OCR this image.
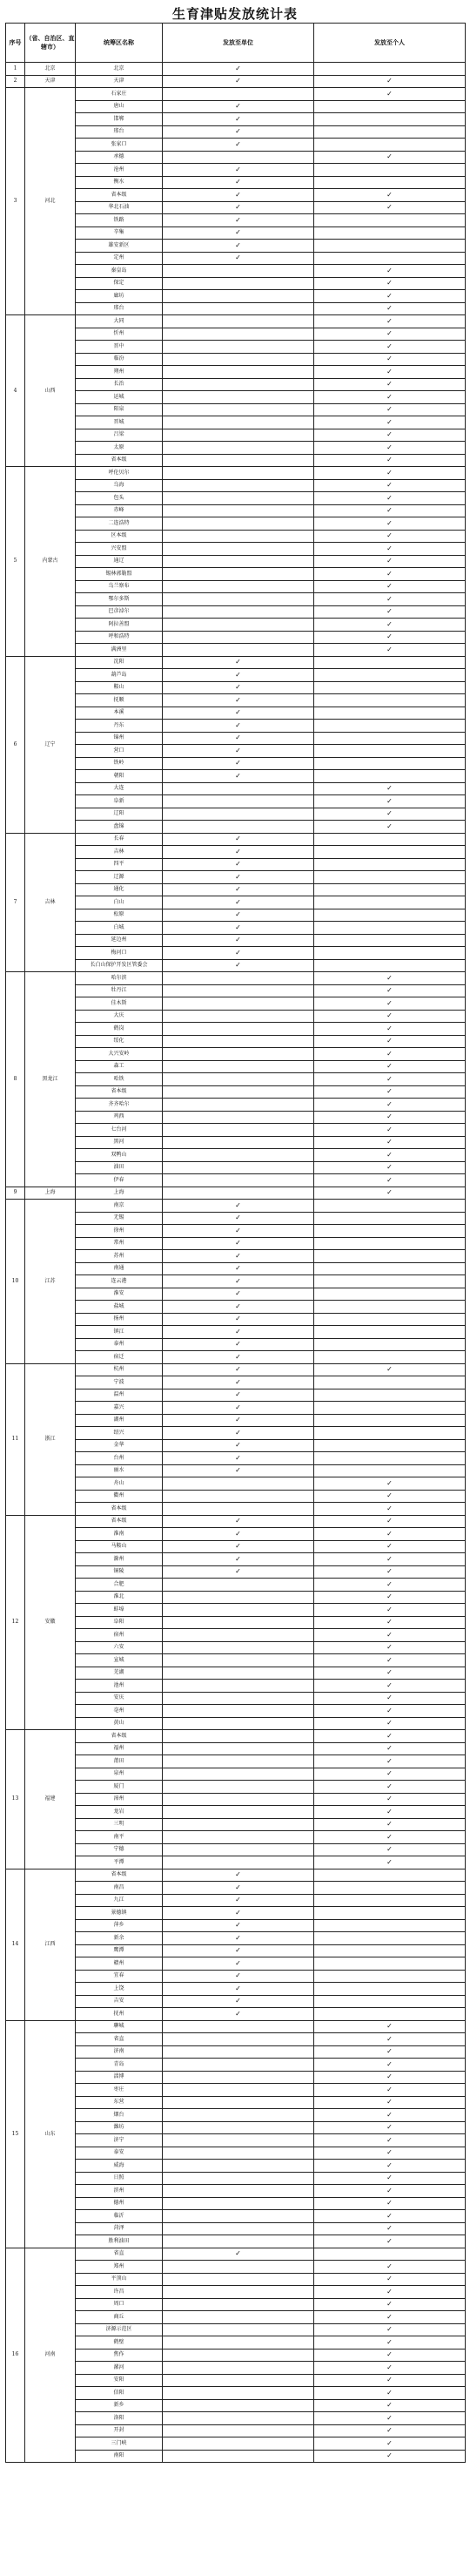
生育津贴发放统计表
序号	（省、自治区、直辖市）	统筹区名称	发放至单位	发放至个人
1	北京	北京	✓	
2	天津	天津	✓	✓
3	河北	石家庄		✓
		唐山	✓	
		邯郸	✓	
		邢台	✓	
		张家口	✓	
		承德		✓
		沧州	✓	
		衡水	✓	
		省本级	✓	✓
		华北石油	✓	✓
		铁路	✓	
		辛集	✓	
		雄安新区	✓	
		定州	✓	
		秦皇岛		✓
		保定		✓
		廊坊		✓
		邢台		✓
4	山西	大同		✓
		忻州		✓
		晋中		✓
		临汾		✓
		朔州		✓
		长治		✓
		运城		✓
		阳泉		✓
		晋城		✓
		吕梁		✓
		太原		✓
		省本级		✓
5	内蒙古	呼伦贝尔		✓
		乌海		✓
		包头		✓
		赤峰		✓
		二连浩特		✓
		区本级		✓
		兴安盟		✓
		通辽		✓
		锡林郭勒盟		✓
		乌兰察布		✓
		鄂尔多斯		✓
		巴彦淖尔		✓
		阿拉善盟		✓
		呼和浩特		✓
		满洲里		✓
6	辽宁	沈阳	✓	
		葫芦岛	✓	
		鞍山	✓	
		抚顺	✓	
		本溪	✓	
		丹东	✓	
		锦州	✓	
		营口	✓	
		铁岭	✓	
		朝阳	✓	
		大连		✓
		阜新		✓
		辽阳		✓
		盘锦		✓
7	吉林	长春	✓	
		吉林	✓	
		四平	✓	
		辽源	✓	
		通化	✓	
		白山	✓	
		松原	✓	
		白城	✓	
		延边州	✓	
		梅河口	✓	
		长白山保护开发区管委会	✓	
8	黑龙江	哈尔滨		✓
		牡丹江		✓
		佳木斯		✓
		大庆		✓
		鹤岗		✓
		绥化		✓
		大兴安岭		✓
		森工		✓
		哈铁		✓
		省本级		✓
		齐齐哈尔		✓
		鸡西		✓
		七台河		✓
		黑河		✓
		双鸭山		✓
		油田		✓
		伊春		✓
9	上海	上海		✓
10	江苏	南京	✓	
		无锡	✓	
		徐州	✓	
		常州	✓	
		苏州	✓	
		南通	✓	
		连云港	✓	
		淮安	✓	
		盐城	✓	
		扬州	✓	
		镇江	✓	
		泰州	✓	
		宿迁	✓	
11	浙江	杭州	✓	✓
		宁波	✓	
		温州	✓	
		嘉兴	✓	
		湖州	✓	
		绍兴	✓	
		金华	✓	
		台州	✓	
		丽水	✓	
		舟山		✓
		衢州		✓
		省本级		✓
12	安徽	省本级	✓	✓
		淮南	✓	✓
		马鞍山	✓	✓
		滁州	✓	✓
		铜陵	✓	✓
		合肥		✓
		淮北		✓
		蚌埠		✓
		阜阳		✓
		宿州		✓
		六安		✓
		宣城		✓
		芜湖		✓
		池州		✓
		安庆		✓
		亳州		✓
		黄山		✓
13	福建	省本级		✓
		福州		✓
		莆田		✓
		泉州		✓
		厦门		✓
		漳州		✓
		龙岩		✓
		三明		✓
		南平		✓
		宁德		✓
		平潭		✓
14	江西	省本级	✓	
		南昌	✓	
		九江	✓	
		景德镇	✓	
		萍乡	✓	
		新余	✓	
		鹰潭	✓	
		赣州	✓	
		宜春	✓	
		上饶	✓	
		吉安	✓	
		抚州	✓	
15	山东	聊城		✓
		省直		✓
		济南		✓
		青岛		✓
		淄博		✓
		枣庄		✓
		东营		✓
		烟台		✓
		潍坊		✓
		济宁		✓
		泰安		✓
		威海		✓
		日照		✓
		滨州		✓
		德州		✓
		临沂		✓
		菏泽		✓
		胜利油田		✓
16	河南	省直	✓	
		郑州		✓
		平顶山		✓
		许昌		✓
		周口		✓
		商丘		✓
		济源示范区		✓
		鹤壁		✓
		焦作		✓
		漯河		✓
		安阳		✓
		信阳		✓
		新乡		✓
		洛阳		✓
		开封		✓
		三门峡		✓
		南阳		✓
